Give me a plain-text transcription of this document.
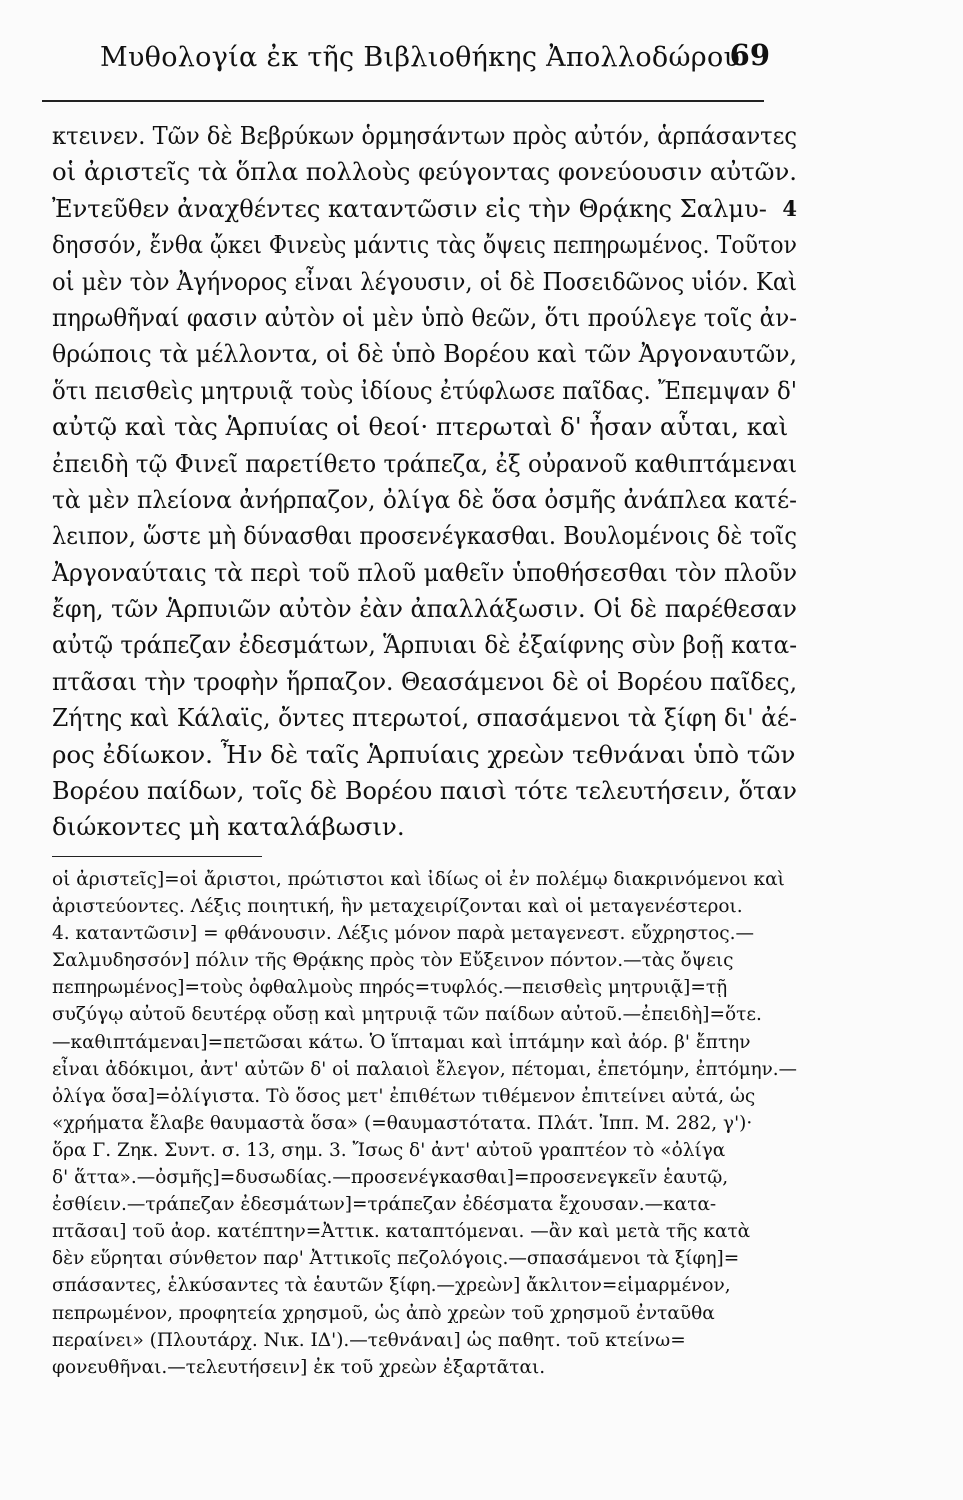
Μυθολογία ἐκ τῆς Βιβλιοθήκης Ἀπολλοδώρου
69
κτεινεν. Τῶν δὲ Βεβρύκων ὁρμησάντων πρὸς αὐτόν, ἁρπάσαντες
οἱ ἀριστεῖς τὰ ὅπλα πολλοὺς φεύγοντας φονεύουσιν αὐτῶν.
Ἐντεῦθεν ἀναχθέντες καταντῶσιν εἰς τὴν Θρᾴκης Σαλμυ- 4
δησσόν, ἔνθα ᾤκει Φινεὺς μάντις τὰς ὄψεις πεπηρωμένος. Τοῦτον
οἱ μὲν τὸν Ἀγήνορος εἶναι λέγουσιν, οἱ δὲ Ποσειδῶνος υἱόν. Καὶ
πηρωθῆναί φασιν αὐτὸν οἱ μὲν ὑπὸ θεῶν, ὅτι προύλεγε τοῖς ἀν-
θρώποις τὰ μέλλοντα, οἱ δὲ ὑπὸ Βορέου καὶ τῶν Ἀργοναυτῶν,
ὅτι πεισθεὶς μητρυιᾷ τοὺς ἰδίους ἐτύφλωσε παῖδας. Ἔπεμψαν δ'
αὐτῷ καὶ τὰς Ἁρπυίας οἱ θεοί· πτερωταὶ δ' ἦσαν αὗται, καὶ
ἐπειδὴ τῷ Φινεῖ παρετίθετο τράπεζα, ἐξ οὐρανοῦ καθιπτάμεναι
τὰ μὲν πλείονα ἀνήρπαζον, ὀλίγα δὲ ὅσα ὀσμῆς ἀνάπλεα κατέ-
λειπον, ὥστε μὴ δύνασθαι προσενέγκασθαι. Βουλομένοις δὲ τοῖς
Ἀργοναύταις τὰ περὶ τοῦ πλοῦ μαθεῖν ὑποθήσεσθαι τὸν πλοῦν
ἔφη, τῶν Ἁρπυιῶν αὐτὸν ἐὰν ἀπαλλάξωσιν. Οἱ δὲ παρέθεσαν
αὐτῷ τράπεζαν ἐδεσμάτων, Ἅρπυιαι δὲ ἐξαίφνης σὺν βοῇ κατα-
πτᾶσαι τὴν τροφὴν ἥρπαζον. Θεασάμενοι δὲ οἱ Βορέου παῖδες,
Ζήτης καὶ Κάλαϊς, ὄντες πτερωτοί, σπασάμενοι τὰ ξίφη δι' ἀέ-
ρος ἐδίωκον. Ἦν δὲ ταῖς Ἁρπυίαις χρεὼν τεθνάναι ὑπὸ τῶν
Βορέου παίδων, τοῖς δὲ Βορέου παισὶ τότε τελευτήσειν, ὅταν
διώκοντες μὴ καταλάβωσιν.
οἱ ἀριστεῖς]=οἱ ἄριστοι, πρώτιστοι καὶ ἰδίως οἱ ἐν πολέμῳ διακρινόμενοι καὶ
ἀριστεύοντες. Λέξις ποιητική, ἣν μεταχειρίζονται καὶ οἱ μεταγενέστεροι.
4. καταντῶσιν] = φθάνουσιν. Λέξις μόνον παρὰ μεταγενεστ. εὔχρηστος.—
Σαλμυδησσόν] πόλιν τῆς Θρᾴκης πρὸς τὸν Εὔξεινον πόντον.—τὰς ὄψεις
πεπηρωμένος]=τοὺς ὀφθαλμοὺς πηρός=τυφλός.—πεισθεὶς μητρυιᾷ]=τῇ
συζύγῳ αὐτοῦ δευτέρᾳ οὔσῃ καὶ μητρυιᾷ τῶν παίδων αὐτοῦ.—ἐπειδὴ]=ὅτε.
—καθιπτάμεναι]=πετῶσαι κάτω. Ὁ ἵπταμαι καὶ ἱπτάμην καὶ ἀόρ. β' ἔπτην
εἶναι ἀδόκιμοι, ἀντ' αὐτῶν δ' οἱ παλαιοὶ ἔλεγον, πέτομαι, ἐπετόμην, ἐπτόμην.—
ὀλίγα ὅσα]=ὀλίγιστα. Τὸ ὅσος μετ' ἐπιθέτων τιθέμενον ἐπιτείνει αὐτά, ὡς
«χρήματα ἔλαβε θαυμαστὰ ὅσα» (=θαυμαστότατα. Πλάτ. Ἱππ. Μ. 282, γ')·
ὅρα Γ. Ζηκ. Συντ. σ. 13, σημ. 3. Ἴσως δ' ἀντ' αὐτοῦ γραπτέον τὸ «ὀλίγα
δ' ἅττα».—ὀσμῆς]=δυσωδίας.—προσενέγκασθαι]=προσενεγκεῖν ἑαυτῷ,
ἐσθίειν.—τράπεζαν ἐδεσμάτων]=τράπεζαν ἐδέσματα ἔχουσαν.—κατα-
πτᾶσαι] τοῦ ἀορ. κατέπτην=Ἀττικ. καταπτόμεναι. —ἂν καὶ μετὰ τῆς κατὰ
δὲν εὕρηται σύνθετον παρ' Ἀττικοῖς πεζολόγοις.—σπασάμενοι τὰ ξίφη]=
σπάσαντες, ἑλκύσαντες τὰ ἑαυτῶν ξίφη.—χρεὼν] ἄκλιτον=εἱμαρμένον,
πεπρωμένον, προφητεία χρησμοῦ, ὡς ἀπὸ χρεὼν τοῦ χρησμοῦ ἐνταῦθα
περαίνει» (Πλουτάρχ. Νικ. ΙΔ').—τεθνάναι] ὡς παθητ. τοῦ κτείνω=
φονευθῆναι.—τελευτήσειν] ἐκ τοῦ χρεὼν ἐξαρτᾶται.
